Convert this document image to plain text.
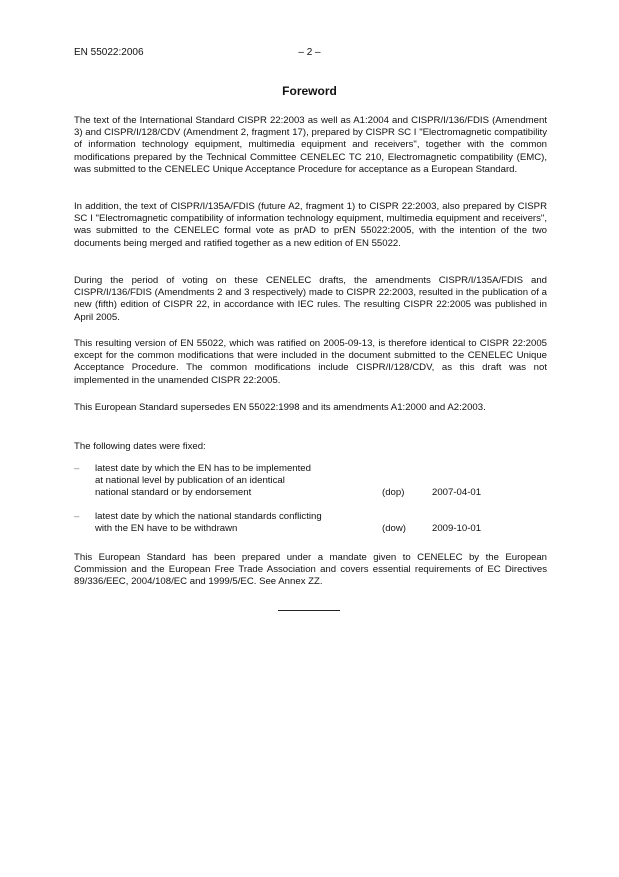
EN 55022:2006	– 2 –
Foreword

The text of the International Standard CISPR 22:2003 as well as A1:2004 and CISPR/I/136/FDIS (Amendment 3) and CISPR/I/128/CDV (Amendment 2, fragment 17), prepared by CISPR SC I "Electromagnetic compatibility of information technology equipment, multimedia equipment and receivers", together with the common modifications prepared by the Technical Committee CENELEC TC 210, Electromagnetic compatibility (EMC), was submitted to the CENELEC Unique Acceptance Procedure for acceptance as a European Standard.

In addition, the text of CISPR/I/135A/FDIS (future A2, fragment 1) to CISPR 22:2003, also prepared by CISPR SC I "Electromagnetic compatibility of information technology equipment, multimedia equipment and receivers", was submitted to the CENELEC formal vote as prAD to prEN 55022:2005, with the intention of the two documents being merged and ratified together as a new edition of EN 55022.

During the period of voting on these CENELEC drafts, the amendments CISPR/I/135A/FDIS and CISPR/I/136/FDIS (Amendments 2 and 3 respectively) made to CISPR 22:2003, resulted in the publication of a new (fifth) edition of CISPR 22, in accordance with IEC rules. The resulting CISPR 22:2005 was published in April 2005.

This resulting version of EN 55022, which was ratified on 2005-09-13, is therefore identical to CISPR 22:2005 except for the common modifications that were included in the document submitted to the CENELEC Unique Acceptance Procedure. The common modifications include CISPR/I/128/CDV, as this draft was not implemented in the unamended CISPR 22:2005.

This European Standard supersedes EN 55022:1998 and its amendments A1:2000 and A2:2003.

The following dates were fixed:

– latest date by which the EN has to be implemented
at national level by publication of an identical
national standard or by endorsement	(dop)	2007-04-01
– latest date by which the national standards conflicting
with the EN have to be withdrawn	(dow)	2009-10-01

This European Standard has been prepared under a mandate given to CENELEC by the European Commission and the European Free Trade Association and covers essential requirements of EC Directives 89/336/EEC, 2004/108/EC and 1999/5/EC. See Annex ZZ.
